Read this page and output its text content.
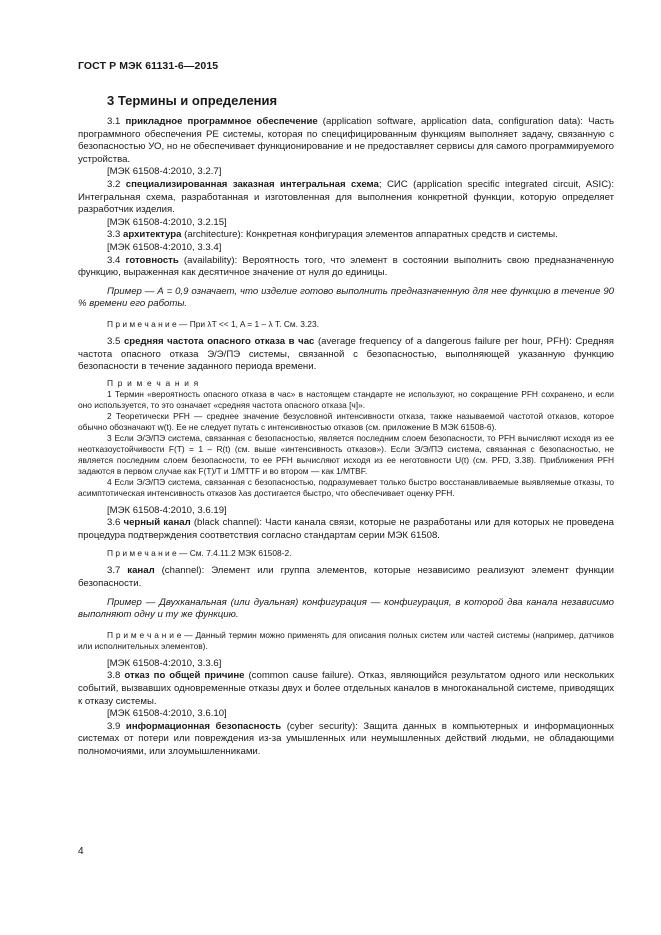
ГОСТ Р МЭК 61131-6—2015
3 Термины и определения

3.1 прикладное программное обеспечение (application software, application data, configuration data): Часть программного обеспечения РЕ системы, которая по специфицированным функциям выполняет задачу, связанную с безопасностью УО, но не обеспечивает функционирование и не предоставляет сервисы для самого программируемого устройства.

[МЭК 61508-4:2010, 3.2.7]

3.2 специализированная заказная интегральная схема; СИС (application specific integrated circuit, ASIC): Интегральная схема, разработанная и изготовленная для выполнения конкретной функции, которую определяет разработчик изделия.

[МЭК 61508-4:2010, 3.2.15]

3.3 архитектура (architecture): Конкретная конфигурация элементов аппаратных средств и системы.

[МЭК 61508-4:2010, 3.3.4]

3.4 готовность (availability): Вероятность того, что элемент в состоянии выполнить свою предназначенную функцию, выраженная как десятичное значение от нуля до единицы.

Пример — А = 0,9 означает, что изделие готово выполнить предназначенную для нее функцию в течение 90 % времени его работы.

П р и м е ч а н и е — При λT << 1, A = 1 – λ T. См. 3.23.

3.5 средняя частота опасного отказа в час (average frequency of a dangerous failure per hour, PFH): Средняя частота опасного отказа Э/Э/ПЭ системы, связанной с безопасностью, выполняющей указанную функцию безопасности в течение заданного периода времени.

П р и м е ч а н и я

1 Термин «вероятность опасного отказа в час» в настоящем стандарте не используют, но сокращение PFH сохранено, и если оно используется, то это означает «средняя частота опасного отказа [ч]».

2 Теоретически PFH — среднее значение безусловной интенсивности отказа, также называемой частотой отказов, которое обычно обозначают w(t). Ее не следует путать с интенсивностью отказов (см. приложение B МЭК 61508-6).

3 Если Э/Э/ПЭ система, связанная с безопасностью, является последним слоем безопасности, то PFH вычисляют исходя из ее неотказоустойчивости F(T) = 1 – R(t) (см. выше «интенсивность отказов»). Если Э/Э/ПЭ система, связанная с безопасностью, не является последним слоем безопасности, то ее PFH вычисляют исходя из ее неготовности U(t) (см. PFD, 3.38). Приближения PFH задаются в первом случае как F(T)/T и 1/MTTF и во втором — как 1/MTBF.

4 Если Э/Э/ПЭ система, связанная с безопасностью, подразумевает только быстро восстанавливаемые выявляемые отказы, то асимптотическая интенсивность отказов λas достигается быстро, что обеспечивает оценку PFH.

[МЭК 61508-4:2010, 3.6.19]

3.6 черный канал (black channel): Части канала связи, которые не разработаны или для которых не проведена процедура подтверждения соответствия согласно стандартам серии МЭК 61508.

П р и м е ч а н и е — См. 7.4.11.2 МЭК 61508-2.

3.7 канал (channel): Элемент или группа элементов, которые независимо реализуют элемент функции безопасности.

Пример — Двухканальная (или дуальная) конфигурация — конфигурация, в которой два канала независимо выполняют одну и ту же функцию.

П р и м е ч а н и е — Данный термин можно применять для описания полных систем или частей системы (например, датчиков или исполнительных элементов).

[МЭК 61508-4:2010, 3.3.6]

3.8 отказ по общей причине (common cause failure). Отказ, являющийся результатом одного или нескольких событий, вызвавших одновременные отказы двух и более отдельных каналов в многоканальной системе, приводящих к отказу системы.

[МЭК 61508-4:2010, 3.6.10]

3.9 информационная безопасность (cyber security): Защита данных в компьютерных и информационных системах от потери или повреждения из-за умышленных или неумышленных действий людьми, не обладающими полномочиями, или злоумышленниками.

4
